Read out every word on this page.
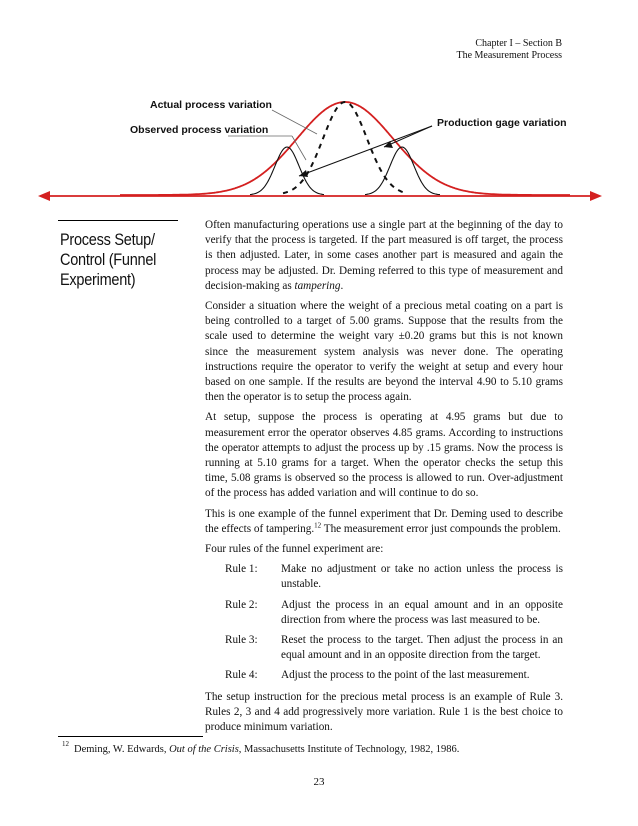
Chapter I – Section B
The Measurement Process
Actual process variation
Observed process variation
Production gage variation
Process Setup/ Control (Funnel Experiment)

Often manufacturing operations use a single part at the beginning of the day to verify that the process is targeted. If the part measured is off target, the process is then adjusted. Later, in some cases another part is measured and again the process may be adjusted. Dr. Deming referred to this type of measurement and decision-making as tampering.

Consider a situation where the weight of a precious metal coating on a part is being controlled to a target of 5.00 grams. Suppose that the results from the scale used to determine the weight vary ±0.20 grams but this is not known since the measurement system analysis was never done. The operating instructions require the operator to verify the weight at setup and every hour based on one sample. If the results are beyond the interval 4.90 to 5.10 grams then the operator is to setup the process again.

At setup, suppose the process is operating at 4.95 grams but due to measurement error the operator observes 4.85 grams. According to instructions the operator attempts to adjust the process up by .15 grams. Now the process is running at 5.10 grams for a target. When the operator checks the setup this time, 5.08 grams is observed so the process is allowed to run. Over-adjustment of the process has added variation and will continue to do so.

This is one example of the funnel experiment that Dr. Deming used to describe the effects of tampering.$^{12}$ The measurement error just compounds the problem.

Four rules of the funnel experiment are:

Rule 1:	Make no adjustment or take no action unless the process is unstable.
Rule 2:	Adjust the process in an equal amount and in an opposite direction from where the process was last measured to be.
Rule 3:	Reset the process to the target. Then adjust the process in an equal amount and in an opposite direction from the target.
Rule 4:	Adjust the process to the point of the last measurement.

The setup instruction for the precious metal process is an example of Rule 3. Rules 2, 3 and 4 add progressively more variation. Rule 1 is the best choice to produce minimum variation.

12 Deming, W. Edwards, Out of the Crisis, Massachusetts Institute of Technology, 1982, 1986.
23
